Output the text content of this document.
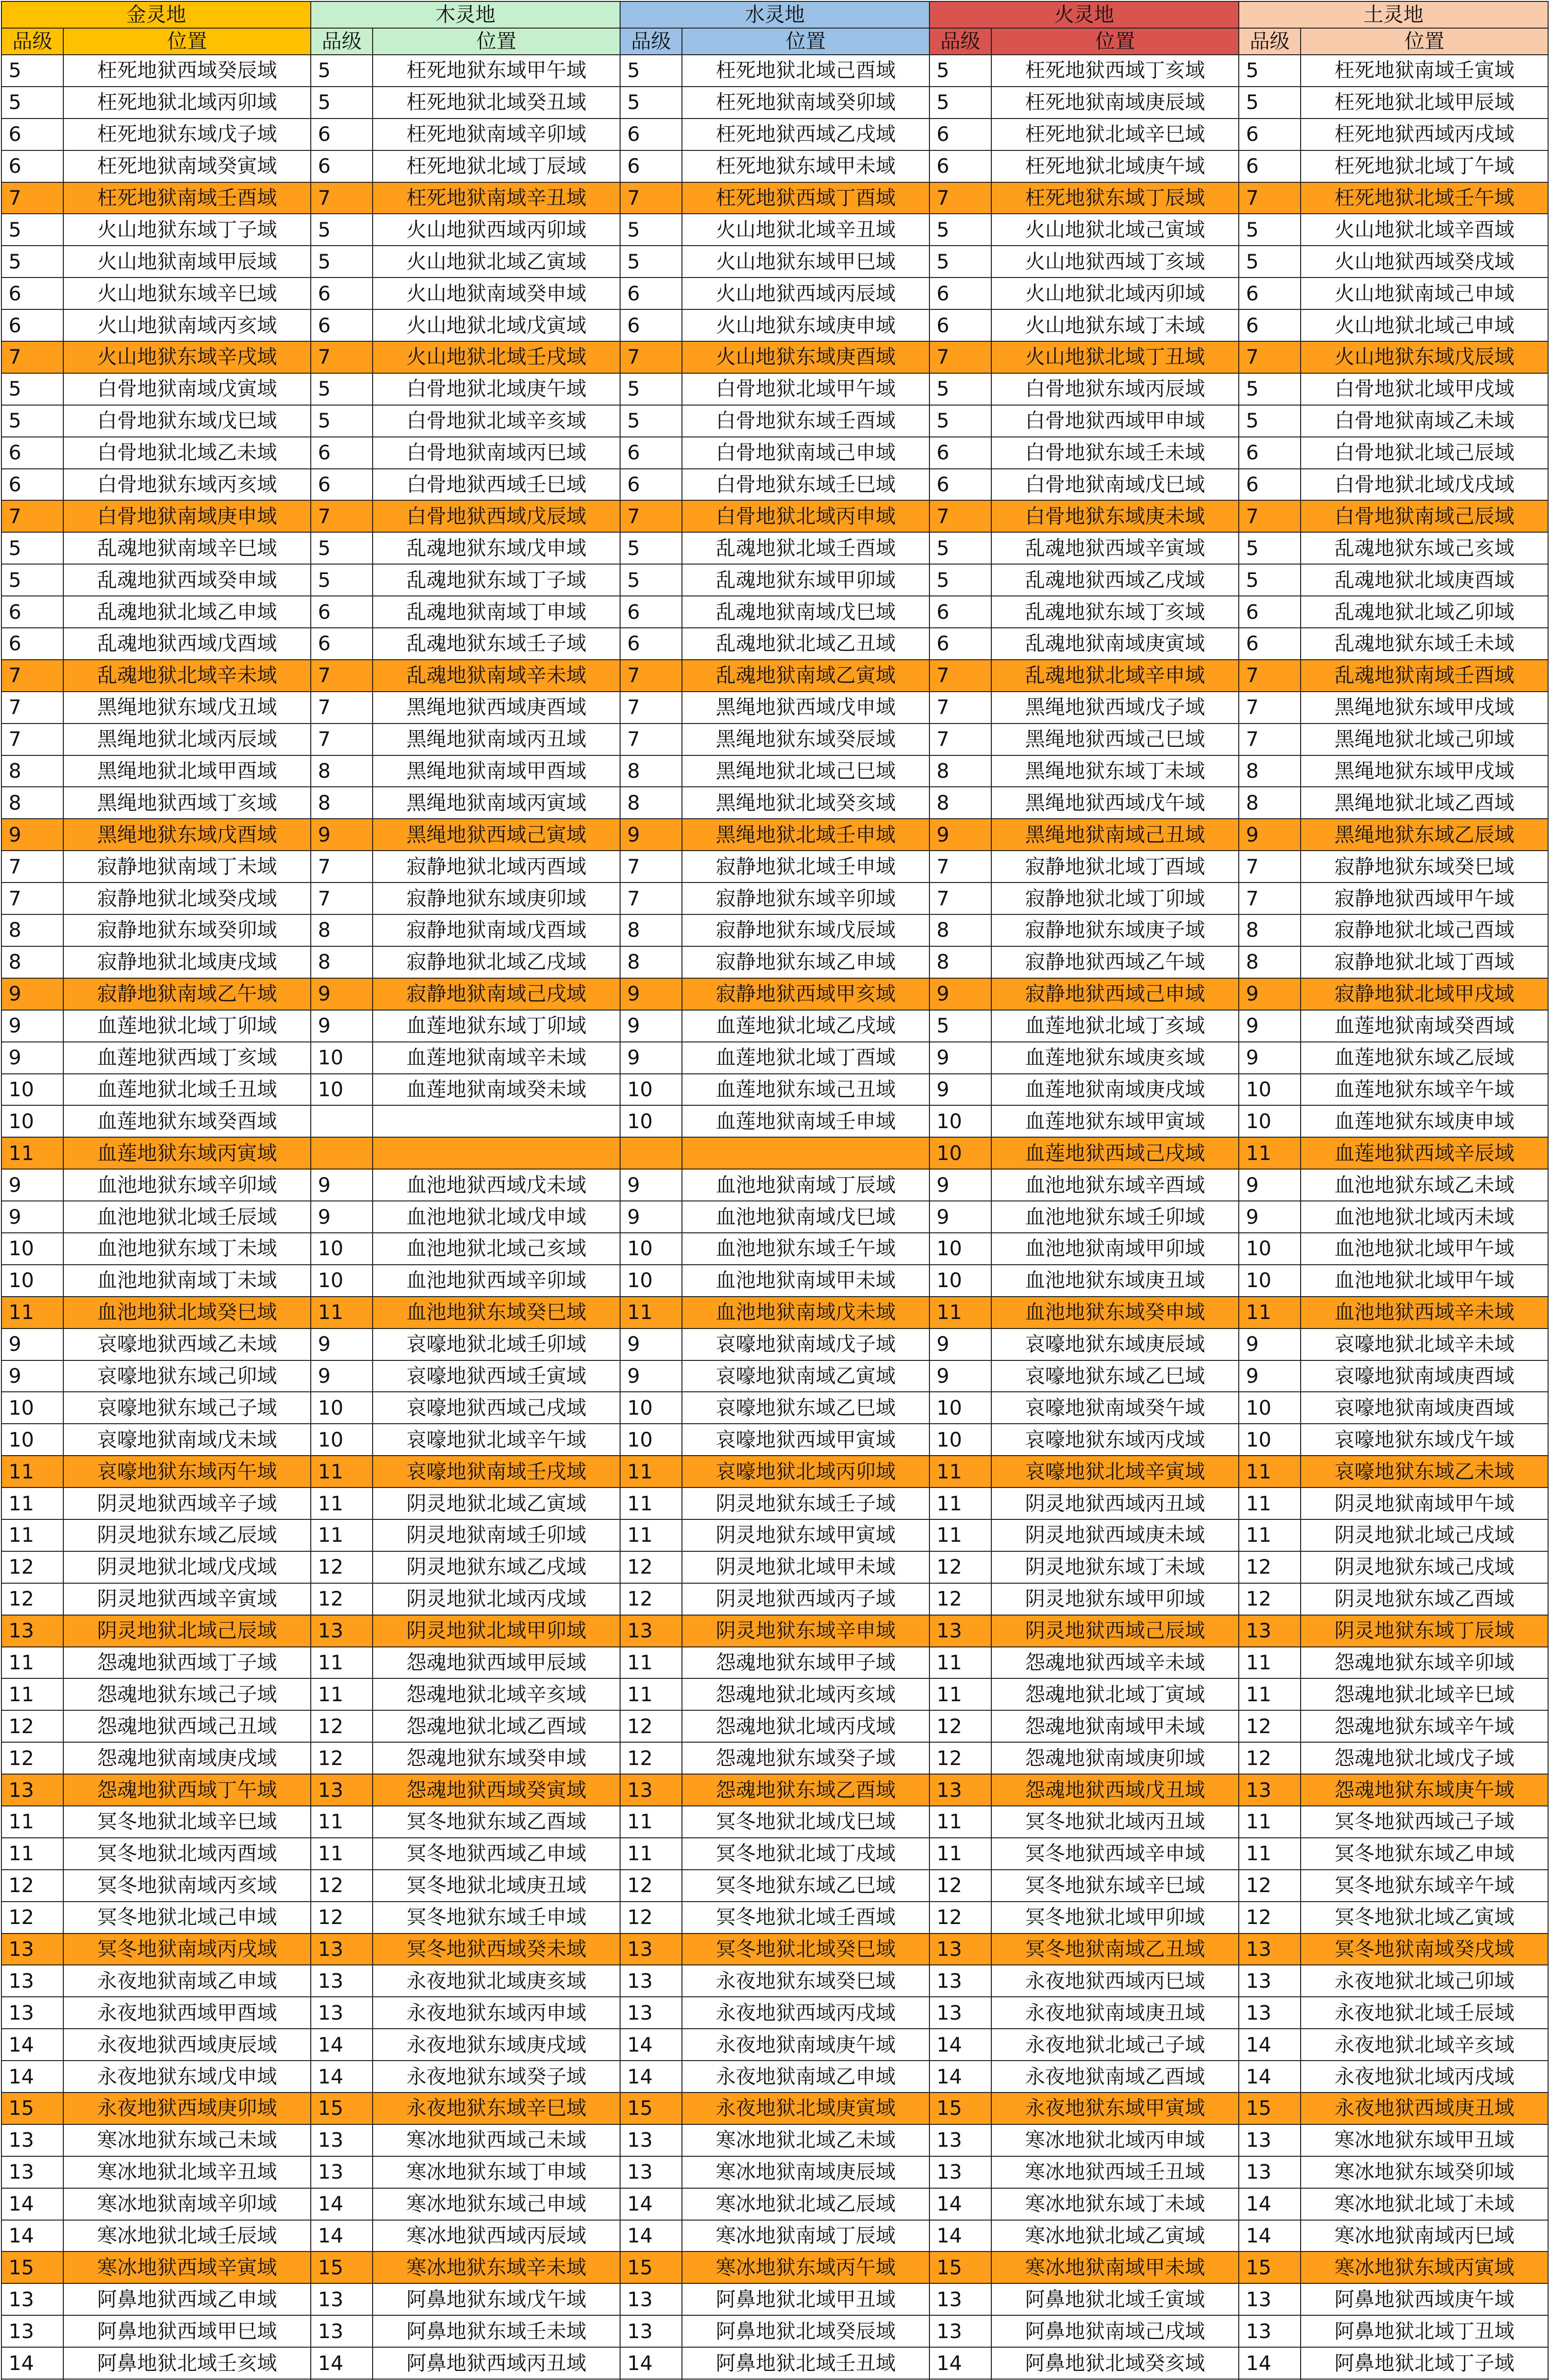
金灵地		木灵地		水灵地		火灵地		土灵地	
品级	位置	品级	位置	品级	位置	品级	位置	品级	位置
5	枉死地狱西域癸辰域	5	枉死地狱东域甲午域	5	枉死地狱北域己酉域	5	枉死地狱西域丁亥域	5	枉死地狱南域壬寅域
5	枉死地狱北域丙卯域	5	枉死地狱北域癸丑域	5	枉死地狱南域癸卯域	5	枉死地狱南域庚辰域	5	枉死地狱北域甲辰域
6	枉死地狱东域戊子域	6	枉死地狱南域辛卯域	6	枉死地狱西域乙戌域	6	枉死地狱北域辛巳域	6	枉死地狱西域丙戌域
6	枉死地狱南域癸寅域	6	枉死地狱北域丁辰域	6	枉死地狱东域甲未域	6	枉死地狱北域庚午域	6	枉死地狱北域丁午域
7	枉死地狱南域壬酉域	7	枉死地狱南域辛丑域	7	枉死地狱西域丁酉域	7	枉死地狱东域丁辰域	7	枉死地狱北域壬午域
5	火山地狱东域丁子域	5	火山地狱西域丙卯域	5	火山地狱北域辛丑域	5	火山地狱北域己寅域	5	火山地狱北域辛酉域
5	火山地狱南域甲辰域	5	火山地狱北域乙寅域	5	火山地狱东域甲巳域	5	火山地狱西域丁亥域	5	火山地狱西域癸戌域
6	火山地狱东域辛巳域	6	火山地狱南域癸申域	6	火山地狱西域丙辰域	6	火山地狱北域丙卯域	6	火山地狱南域己申域
6	火山地狱南域丙亥域	6	火山地狱北域戊寅域	6	火山地狱东域庚申域	6	火山地狱东域丁未域	6	火山地狱北域己申域
7	火山地狱东域辛戌域	7	火山地狱北域壬戌域	7	火山地狱东域庚酉域	7	火山地狱北域丁丑域	7	火山地狱东域戊辰域
5	白骨地狱南域戊寅域	5	白骨地狱北域庚午域	5	白骨地狱北域甲午域	5	白骨地狱东域丙辰域	5	白骨地狱北域甲戌域
5	白骨地狱东域戊巳域	5	白骨地狱北域辛亥域	5	白骨地狱东域壬酉域	5	白骨地狱西域甲申域	5	白骨地狱南域乙未域
6	白骨地狱北域乙未域	6	白骨地狱南域丙巳域	6	白骨地狱南域己申域	6	白骨地狱东域壬未域	6	白骨地狱北域己辰域
6	白骨地狱东域丙亥域	6	白骨地狱西域壬巳域	6	白骨地狱东域壬巳域	6	白骨地狱南域戊巳域	6	白骨地狱北域戊戌域
7	白骨地狱南域庚申域	7	白骨地狱西域戊辰域	7	白骨地狱北域丙申域	7	白骨地狱东域庚未域	7	白骨地狱南域己辰域
5	乱魂地狱南域辛巳域	5	乱魂地狱东域戊申域	5	乱魂地狱北域壬酉域	5	乱魂地狱西域辛寅域	5	乱魂地狱东域己亥域
5	乱魂地狱西域癸申域	5	乱魂地狱东域丁子域	5	乱魂地狱东域甲卯域	5	乱魂地狱西域乙戌域	5	乱魂地狱北域庚酉域
6	乱魂地狱北域乙申域	6	乱魂地狱南域丁申域	6	乱魂地狱南域戊巳域	6	乱魂地狱东域丁亥域	6	乱魂地狱北域乙卯域
6	乱魂地狱西域戊酉域	6	乱魂地狱东域壬子域	6	乱魂地狱北域乙丑域	6	乱魂地狱南域庚寅域	6	乱魂地狱东域壬未域
7	乱魂地狱北域辛未域	7	乱魂地狱南域辛未域	7	乱魂地狱南域乙寅域	7	乱魂地狱北域辛申域	7	乱魂地狱南域壬酉域
7	黑绳地狱东域戊丑域	7	黑绳地狱西域庚酉域	7	黑绳地狱西域戊申域	7	黑绳地狱西域戊子域	7	黑绳地狱东域甲戌域
7	黑绳地狱北域丙辰域	7	黑绳地狱南域丙丑域	7	黑绳地狱东域癸辰域	7	黑绳地狱西域己巳域	7	黑绳地狱北域己卯域
8	黑绳地狱北域甲酉域	8	黑绳地狱南域甲酉域	8	黑绳地狱北域己巳域	8	黑绳地狱东域丁未域	8	黑绳地狱东域甲戌域
8	黑绳地狱西域丁亥域	8	黑绳地狱南域丙寅域	8	黑绳地狱北域癸亥域	8	黑绳地狱西域戊午域	8	黑绳地狱北域乙酉域
9	黑绳地狱东域戊酉域	9	黑绳地狱西域己寅域	9	黑绳地狱北域壬申域	9	黑绳地狱南域己丑域	9	黑绳地狱东域乙辰域
7	寂静地狱南域丁未域	7	寂静地狱北域丙酉域	7	寂静地狱北域壬申域	7	寂静地狱北域丁酉域	7	寂静地狱东域癸巳域
7	寂静地狱北域癸戌域	7	寂静地狱东域庚卯域	7	寂静地狱东域辛卯域	7	寂静地狱北域丁卯域	7	寂静地狱西域甲午域
8	寂静地狱东域癸卯域	8	寂静地狱南域戊酉域	8	寂静地狱东域戊辰域	8	寂静地狱东域庚子域	8	寂静地狱北域己酉域
8	寂静地狱北域庚戌域	8	寂静地狱北域乙戌域	8	寂静地狱东域乙申域	8	寂静地狱西域乙午域	8	寂静地狱北域丁酉域
9	寂静地狱南域乙午域	9	寂静地狱南域己戌域	9	寂静地狱西域甲亥域	9	寂静地狱西域己申域	9	寂静地狱北域甲戌域
9	血莲地狱北域丁卯域	9	血莲地狱东域丁卯域	9	血莲地狱北域乙戌域	5	血莲地狱北域丁亥域	9	血莲地狱南域癸酉域
9	血莲地狱西域丁亥域	10	血莲地狱南域辛未域	9	血莲地狱北域丁酉域	9	血莲地狱东域庚亥域	9	血莲地狱东域乙辰域
10	血莲地狱北域壬丑域	10	血莲地狱南域癸未域	10	血莲地狱东域己丑域	9	血莲地狱南域庚戌域	10	血莲地狱东域辛午域
10	血莲地狱东域癸酉域			10	血莲地狱南域壬申域	10	血莲地狱东域甲寅域	10	血莲地狱东域庚申域
11	血莲地狱东域丙寅域					10	血莲地狱西域己戌域	11	血莲地狱西域辛辰域
9	血池地狱东域辛卯域	9	血池地狱西域戊未域	9	血池地狱南域丁辰域	9	血池地狱东域辛酉域	9	血池地狱东域乙未域
9	血池地狱北域壬辰域	9	血池地狱北域戊申域	9	血池地狱南域戊巳域	9	血池地狱东域壬卯域	9	血池地狱北域丙未域
10	血池地狱东域丁未域	10	血池地狱北域己亥域	10	血池地狱东域壬午域	10	血池地狱南域甲卯域	10	血池地狱北域甲午域
10	血池地狱南域丁未域	10	血池地狱西域辛卯域	10	血池地狱南域甲未域	10	血池地狱东域庚丑域	10	血池地狱北域甲午域
11	血池地狱北域癸巳域	11	血池地狱东域癸巳域	11	血池地狱南域戊未域	11	血池地狱东域癸申域	11	血池地狱西域辛未域
9	哀嚎地狱西域乙未域	9	哀嚎地狱北域壬卯域	9	哀嚎地狱南域戊子域	9	哀嚎地狱东域庚辰域	9	哀嚎地狱北域辛未域
9	哀嚎地狱东域己卯域	9	哀嚎地狱西域壬寅域	9	哀嚎地狱南域乙寅域	9	哀嚎地狱东域乙巳域	9	哀嚎地狱南域庚酉域
10	哀嚎地狱东域己子域	10	哀嚎地狱西域己戌域	10	哀嚎地狱东域乙巳域	10	哀嚎地狱南域癸午域	10	哀嚎地狱南域庚酉域
10	哀嚎地狱南域戊未域	10	哀嚎地狱北域辛午域	10	哀嚎地狱西域甲寅域	10	哀嚎地狱东域丙戌域	10	哀嚎地狱东域戊午域
11	哀嚎地狱东域丙午域	11	哀嚎地狱南域壬戌域	11	哀嚎地狱北域丙卯域	11	哀嚎地狱北域辛寅域	11	哀嚎地狱东域乙未域
11	阴灵地狱西域辛子域	11	阴灵地狱北域乙寅域	11	阴灵地狱东域壬子域	11	阴灵地狱西域丙丑域	11	阴灵地狱南域甲午域
11	阴灵地狱东域乙辰域	11	阴灵地狱南域壬卯域	11	阴灵地狱东域甲寅域	11	阴灵地狱西域庚未域	11	阴灵地狱北域己戌域
12	阴灵地狱北域戊戌域	12	阴灵地狱东域乙戌域	12	阴灵地狱北域甲未域	12	阴灵地狱东域丁未域	12	阴灵地狱东域己戌域
12	阴灵地狱西域辛寅域	12	阴灵地狱北域丙戌域	12	阴灵地狱西域丙子域	12	阴灵地狱东域甲卯域	12	阴灵地狱东域乙酉域
13	阴灵地狱北域己辰域	13	阴灵地狱北域甲卯域	13	阴灵地狱东域辛申域	13	阴灵地狱西域己辰域	13	阴灵地狱东域丁辰域
11	怨魂地狱西域丁子域	11	怨魂地狱西域甲辰域	11	怨魂地狱东域甲子域	11	怨魂地狱西域辛未域	11	怨魂地狱东域辛卯域
11	怨魂地狱东域己子域	11	怨魂地狱北域辛亥域	11	怨魂地狱北域丙亥域	11	怨魂地狱北域丁寅域	11	怨魂地狱北域辛巳域
12	怨魂地狱西域己丑域	12	怨魂地狱北域乙酉域	12	怨魂地狱北域丙戌域	12	怨魂地狱南域甲未域	12	怨魂地狱东域辛午域
12	怨魂地狱南域庚戌域	12	怨魂地狱东域癸申域	12	怨魂地狱东域癸子域	12	怨魂地狱南域庚卯域	12	怨魂地狱北域戊子域
13	怨魂地狱西域丁午域	13	怨魂地狱西域癸寅域	13	怨魂地狱东域乙酉域	13	怨魂地狱西域戊丑域	13	怨魂地狱东域庚午域
11	冥冬地狱北域辛巳域	11	冥冬地狱东域乙酉域	11	冥冬地狱北域戊巳域	11	冥冬地狱北域丙丑域	11	冥冬地狱西域己子域
11	冥冬地狱北域丙酉域	11	冥冬地狱西域乙申域	11	冥冬地狱北域丁戌域	11	冥冬地狱西域辛申域	11	冥冬地狱东域乙申域
12	冥冬地狱南域丙亥域	12	冥冬地狱北域庚丑域	12	冥冬地狱东域乙巳域	12	冥冬地狱东域辛巳域	12	冥冬地狱东域辛午域
12	冥冬地狱北域己申域	12	冥冬地狱东域壬申域	12	冥冬地狱北域壬酉域	12	冥冬地狱北域甲卯域	12	冥冬地狱北域乙寅域
13	冥冬地狱南域丙戌域	13	冥冬地狱西域癸未域	13	冥冬地狱北域癸巳域	13	冥冬地狱南域乙丑域	13	冥冬地狱南域癸戌域
13	永夜地狱南域乙申域	13	永夜地狱北域庚亥域	13	永夜地狱东域癸巳域	13	永夜地狱西域丙巳域	13	永夜地狱北域己卯域
13	永夜地狱西域甲酉域	13	永夜地狱东域丙申域	13	永夜地狱西域丙戌域	13	永夜地狱南域庚丑域	13	永夜地狱北域壬辰域
14	永夜地狱西域庚辰域	14	永夜地狱东域庚戌域	14	永夜地狱南域庚午域	14	永夜地狱北域己子域	14	永夜地狱北域辛亥域
14	永夜地狱东域戊申域	14	永夜地狱东域癸子域	14	永夜地狱南域乙申域	14	永夜地狱南域乙酉域	14	永夜地狱北域丙戌域
15	永夜地狱西域庚卯域	15	永夜地狱东域辛巳域	15	永夜地狱北域庚寅域	15	永夜地狱东域甲寅域	15	永夜地狱西域庚丑域
13	寒冰地狱东域己未域	13	寒冰地狱西域己未域	13	寒冰地狱北域乙未域	13	寒冰地狱北域丙申域	13	寒冰地狱东域甲丑域
13	寒冰地狱北域辛丑域	13	寒冰地狱东域丁申域	13	寒冰地狱南域庚辰域	13	寒冰地狱西域壬丑域	13	寒冰地狱东域癸卯域
14	寒冰地狱南域辛卯域	14	寒冰地狱东域己申域	14	寒冰地狱北域乙辰域	14	寒冰地狱东域丁未域	14	寒冰地狱北域丁未域
14	寒冰地狱北域壬辰域	14	寒冰地狱西域丙辰域	14	寒冰地狱南域丁辰域	14	寒冰地狱北域乙寅域	14	寒冰地狱南域丙巳域
15	寒冰地狱西域辛寅域	15	寒冰地狱东域辛未域	15	寒冰地狱东域丙午域	15	寒冰地狱南域甲未域	15	寒冰地狱东域丙寅域
13	阿鼻地狱西域乙申域	13	阿鼻地狱东域戊午域	13	阿鼻地狱北域甲丑域	13	阿鼻地狱北域壬寅域	13	阿鼻地狱西域庚午域
13	阿鼻地狱西域甲巳域	13	阿鼻地狱东域壬未域	13	阿鼻地狱北域癸辰域	13	阿鼻地狱南域己戌域	13	阿鼻地狱北域丁丑域
14	阿鼻地狱北域壬亥域	14	阿鼻地狱西域丙丑域	14	阿鼻地狱北域壬丑域	14	阿鼻地狱北域癸亥域	14	阿鼻地狱北域丁子域
